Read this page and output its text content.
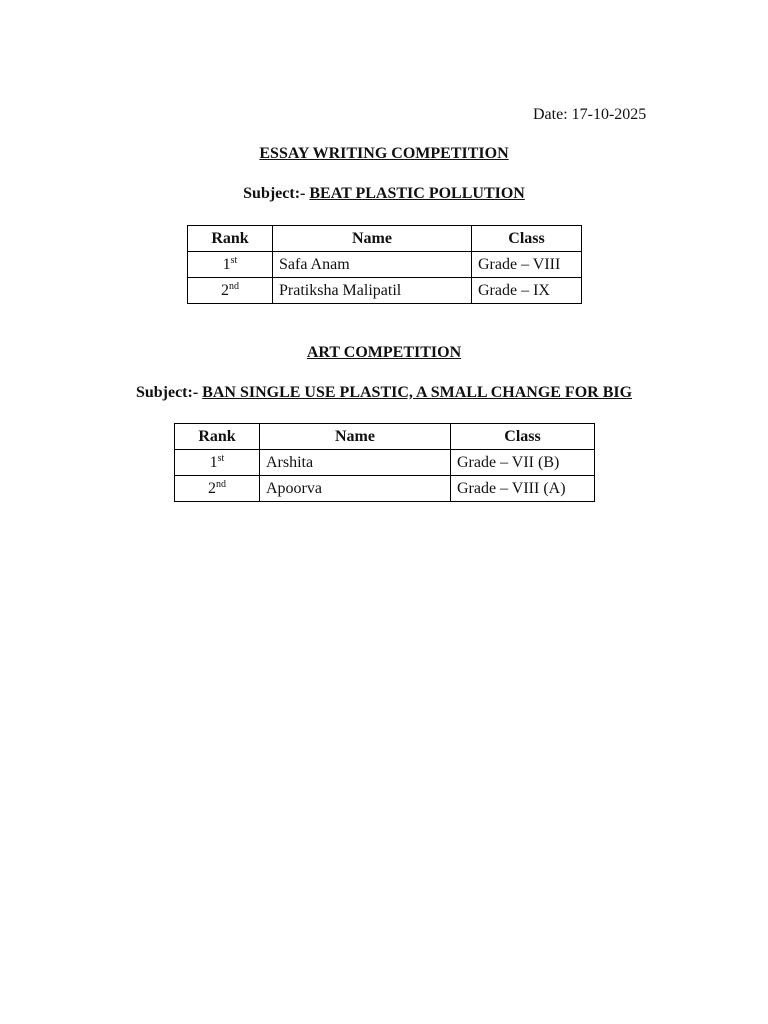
Date: 17-10-2025
ESSAY WRITING COMPETITION
Subject:- BEAT PLASTIC POLLUTION
Rank	Name	Class
1st	Safa Anam	Grade – VIII
2nd	Pratiksha Malipatil	Grade – IX
ART COMPETITION
Subject:- BAN SINGLE USE PLASTIC, A SMALL CHANGE FOR BIG
Rank	Name	Class
1st	Arshita	Grade – VII (B)
2nd	Apoorva	Grade – VIII (A)
